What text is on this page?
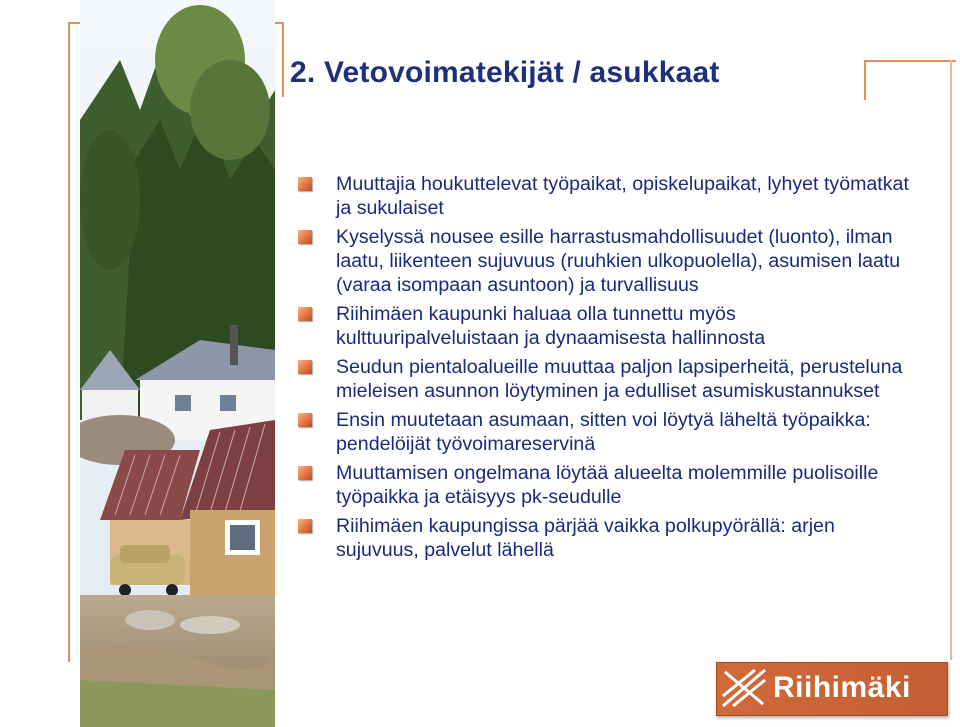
2. Vetovoimatekijät / asukkaat
Muuttajia houkuttelevat työpaikat, opiskelupaikat, lyhyet työmatkat ja sukulaiset
Kyselyssä nousee esille harrastusmahdollisuudet (luonto), ilman laatu, liikenteen sujuvuus (ruuhkien ulkopuolella), asumisen laatu (varaa isompaan asuntoon) ja turvallisuus
Riihimäen kaupunki haluaa olla tunnettu myös kulttuuripalveluistaan ja dynaamisesta hallinnosta
Seudun pientaloalueille muuttaa paljon lapsiperheitä, perusteluna mieleisen asunnon löytyminen ja edulliset asumiskustannukset
Ensin muutetaan asumaan, sitten voi löytyä läheltä työpaikka: pendelöijät työvoimareservinä
Muuttamisen ongelmana löytää alueelta molemmille puolisoille työpaikka ja etäisyys pk-seudulle
Riihimäen kaupungissa pärjää vaikka polkupyörällä: arjen sujuvuus, palvelut lähellä
Riihimäki
